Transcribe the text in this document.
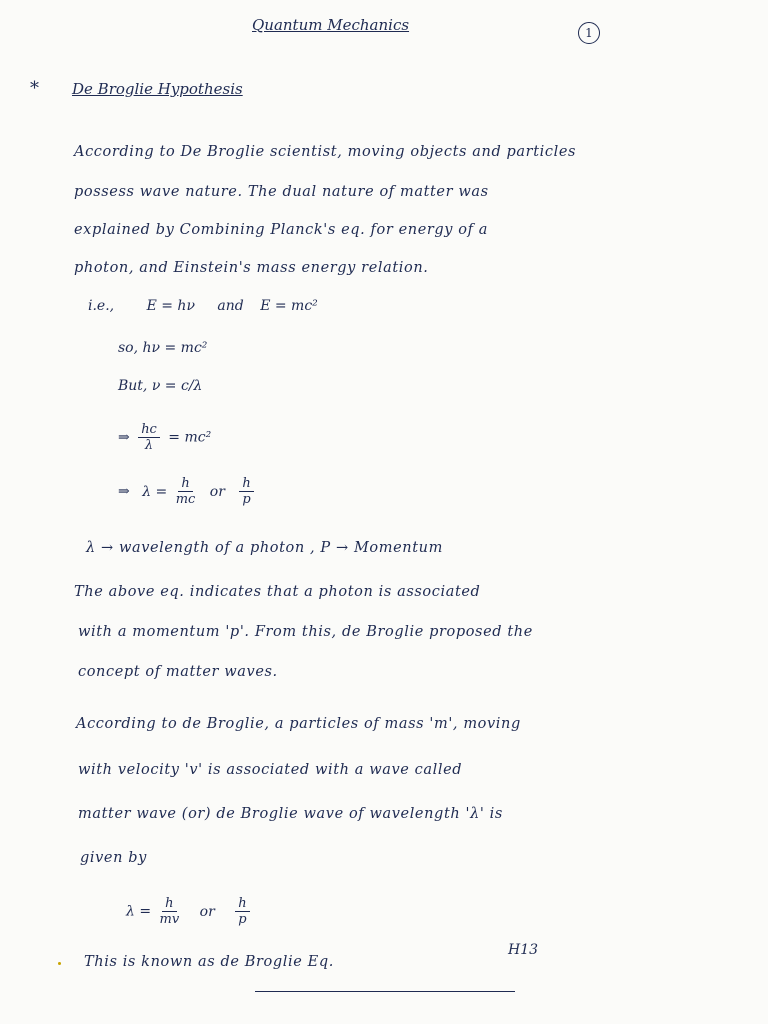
Quantum Mechanics	1
* De Broglie Hypothesis
According to De Broglie scientist, moving objects and particles
possess wave nature. The dual nature of matter was
explained by Combining Planck's eq. for energy of a
photon, and Einstein's mass energy relation.
i.e., E = hν and E = mc²
so, hν = mc²
But, ν = c/λ
⇒ $\frac{hc}{\lambda} = mc^2$
⇒ $\lambda = \frac{h}{mc}$ or $\frac{h}{p}$
λ → wavelength of a photon , P → Momentum
The above eq. indicates that a photon is associated
with a momentum 'p'. From this, de Broglie proposed the
concept of matter waves.
According to de Broglie, a particles of mass 'm', moving
with velocity 'v' is associated with a wave called
matter wave (or) de Broglie wave of wavelength 'λ' is
given by
$\lambda = \frac{h}{mv}$ or $\frac{h}{p}$
This is known as de Broglie Eq.
H13
